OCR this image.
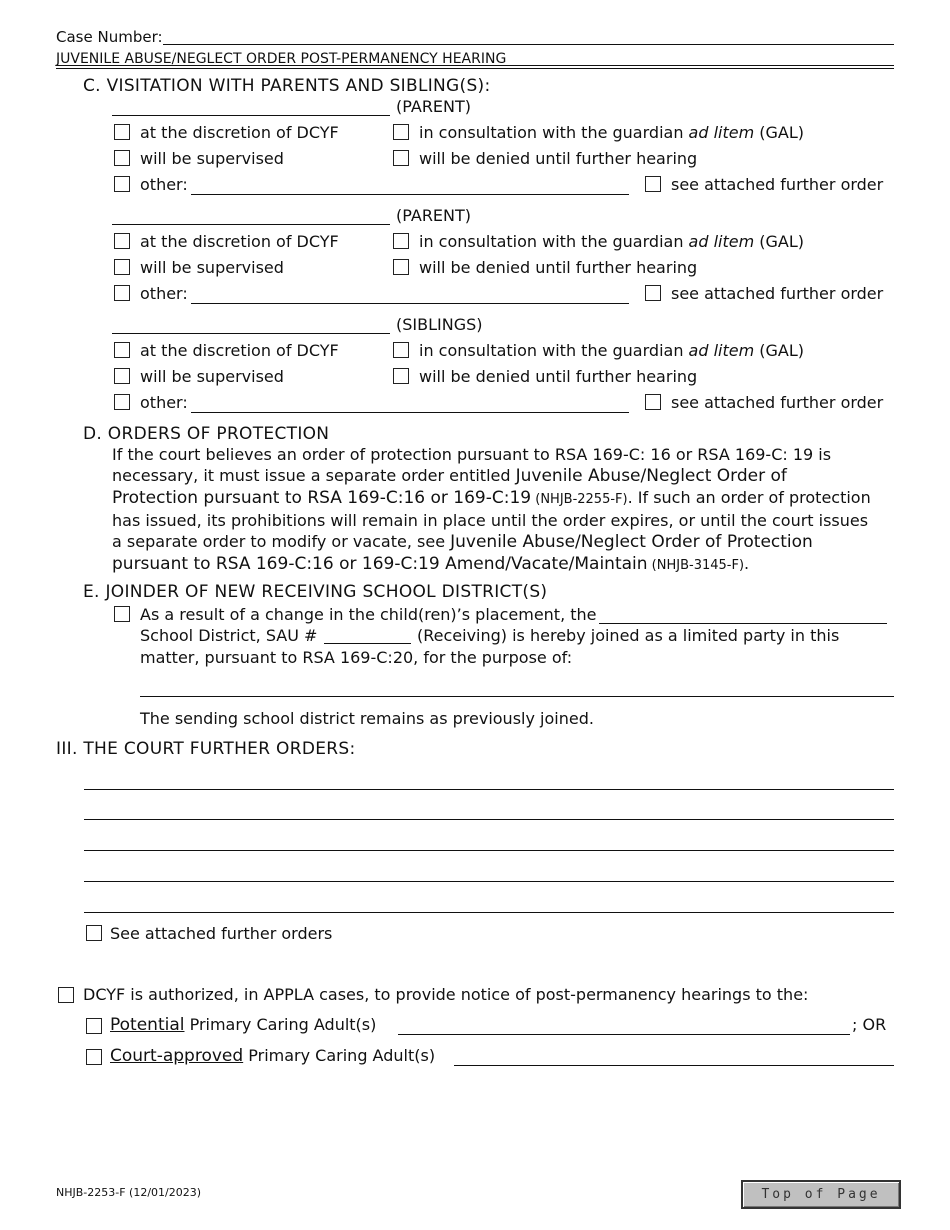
Case Number:
JUVENILE ABUSE/NEGLECT ORDER POST-PERMANENCY HEARING
C. VISITATION WITH PARENTS AND SIBLING(S):
(PARENT)
at the discretion of DCYF	in consultation with the guardian ad litem (GAL)
will be supervised	will be denied until further hearing
other:	see attached further order
(PARENT)
at the discretion of DCYF	in consultation with the guardian ad litem (GAL)
will be supervised	will be denied until further hearing
other:	see attached further order
(SIBLINGS)
at the discretion of DCYF	in consultation with the guardian ad litem (GAL)
will be supervised	will be denied until further hearing
other:	see attached further order
D. ORDERS OF PROTECTION
If the court believes an order of protection pursuant to RSA 169-C: 16 or RSA 169-C: 19 is necessary, it must issue a separate order entitled Juvenile Abuse/Neglect Order of Protection pursuant to RSA 169-C:16 or 169-C:19 (NHJB-2255-F). If such an order of protection has issued, its prohibitions will remain in place until the order expires, or until the court issues a separate order to modify or vacate, see Juvenile Abuse/Neglect Order of Protection pursuant to RSA 169-C:16 or 169-C:19 Amend/Vacate/Maintain (NHJB-3145-F).
E. JOINDER OF NEW RECEIVING SCHOOL DISTRICT(S)
As a result of a change in the child(ren)’s placement, the
School District, SAU #	(Receiving) is hereby joined as a limited party in this
matter, pursuant to RSA 169-C:20, for the purpose of:
The sending school district remains as previously joined.
III. THE COURT FURTHER ORDERS:
See attached further orders
DCYF is authorized, in APPLA cases, to provide notice of post-permanency hearings to the:
Potential Primary Caring Adult(s)	; OR
Court-approved Primary Caring Adult(s)
NHJB-2253-F (12/01/2023)	Top of Page
